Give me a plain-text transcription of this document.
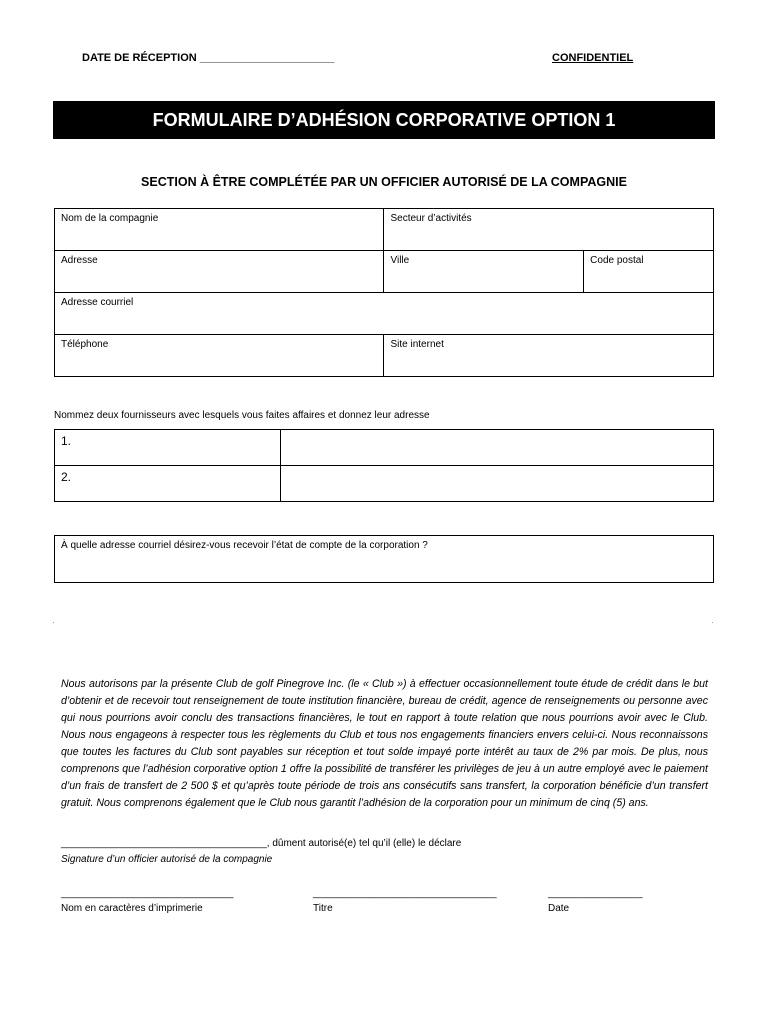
DATE DE RÉCEPTION ______________________	CONFIDENTIEL
FORMULAIRE D’ADHÉSION CORPORATIVE OPTION 1
SECTION À ÊTRE COMPLÉTÉE PAR UN OFFICIER AUTORISÉ DE LA COMPAGNIE
Nom de la compagnie	Secteur d’activités	
Adresse	Ville	Code postal
Adresse courriel		
Téléphone	Site internet	
Nommez deux fournisseurs avec lesquels vous faites affaires et donnez leur adresse
1.	
2.	
À quelle adresse courriel désirez-vous recevoir l’état de compte de la corporation ?
·	·
Nous autorisons par la présente Club de golf Pinegrove Inc. (le « Club ») à effectuer occasionnellement toute étude de crédit dans le but d’obtenir et de recevoir tout renseignement de toute institution financière, bureau de crédit, agence de renseignements ou personne avec qui nous pourrions avoir conclu des transactions financières, le tout en rapport à toute relation que nous pourrions avoir avec le Club. Nous nous engageons à respecter tous les règlements du Club et tous nos engagements financiers envers celui-ci. Nous reconnaissons que toutes les factures du Club sont payables sur réception et tout solde impayé porte intérêt au taux de 2% par mois. De plus, nous comprenons que l’adhésion corporative option 1 offre la possibilité de transférer les privilèges de jeu à un autre employé avec le paiement d’un frais de transfert de 2 500 $ et qu’après toute période de trois ans consécutifs sans transfert, la corporation bénéficie d’un transfert gratuit. Nous comprenons également que le Club nous garantit l’adhésion de la corporation pour un minimum de cinq (5) ans.
_____________________________________, dûment autorisé(e) tel qu’il (elle) le déclare
Signature d’un officier autorisé de la compagnie
_______________________________	_________________________________	_________________
Nom en caractères d’imprimerie	Titre	Date
